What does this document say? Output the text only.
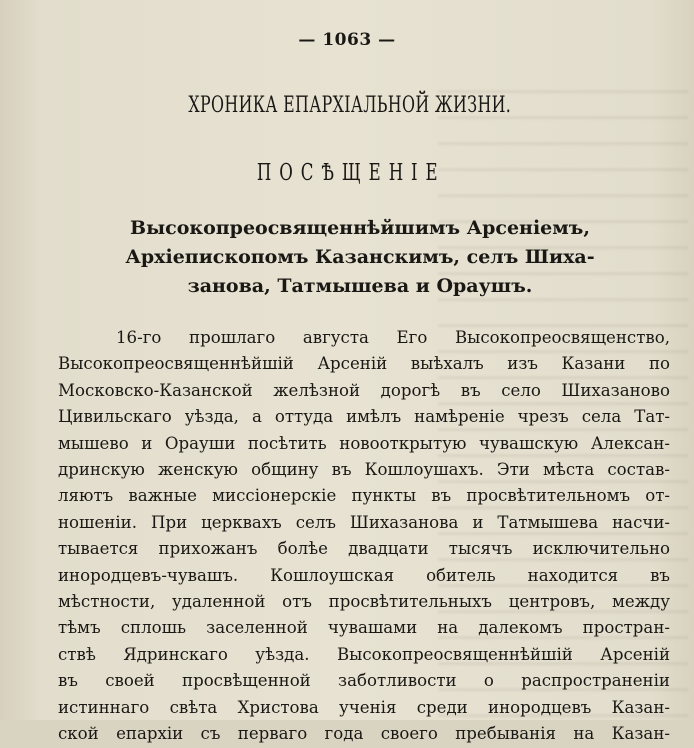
— 1063 —
ХРОНИКА ЕПАРХІАЛЬНОЙ ЖИЗНИ.
ПОСѢЩЕНІЕ
Высокопреосвященнѣйшимъ Арсеніемъ,
Архіепископомъ Казанскимъ, селъ Шиха-
занова, Татмышева и Ораушъ.
16-го прошлаго августа Его Высокопреосвященство,
Высокопреосвященнѣйшій Арсеній выѣхалъ изъ Казани по
Московско-Казанской желѣзной дорогѣ въ село Шихазаново
Цивильскаго уѣзда, а оттуда имѣлъ намѣреніе чрезъ села Тат-
мышево и Орауши посѣтить новооткрытую чувашскую Алексан-
дринскую женскую общину въ Кошлоушахъ. Эти мѣста состав-
ляютъ важные миссіонерскіе пункты въ просвѣтительномъ от-
ношеніи. При церквахъ селъ Шихазанова и Татмышева насчи-
тывается прихожанъ болѣе двадцати тысячъ исключительно
инородцевъ-чувашъ. Кошлоушская обитель находится въ
мѣстности, удаленной отъ просвѣтительныхъ центровъ, между
тѣмъ сплошь заселенной чувашами на далекомъ простран-
ствѣ Ядринскаго уѣзда. Высокопреосвященнѣйшій Арсеній
въ своей просвѣщенной заботливости о распространеніи
истиннаго свѣта Христова ученія среди инородцевъ Казан-
ской епархіи съ перваго года своего пребыванія на Казан-
